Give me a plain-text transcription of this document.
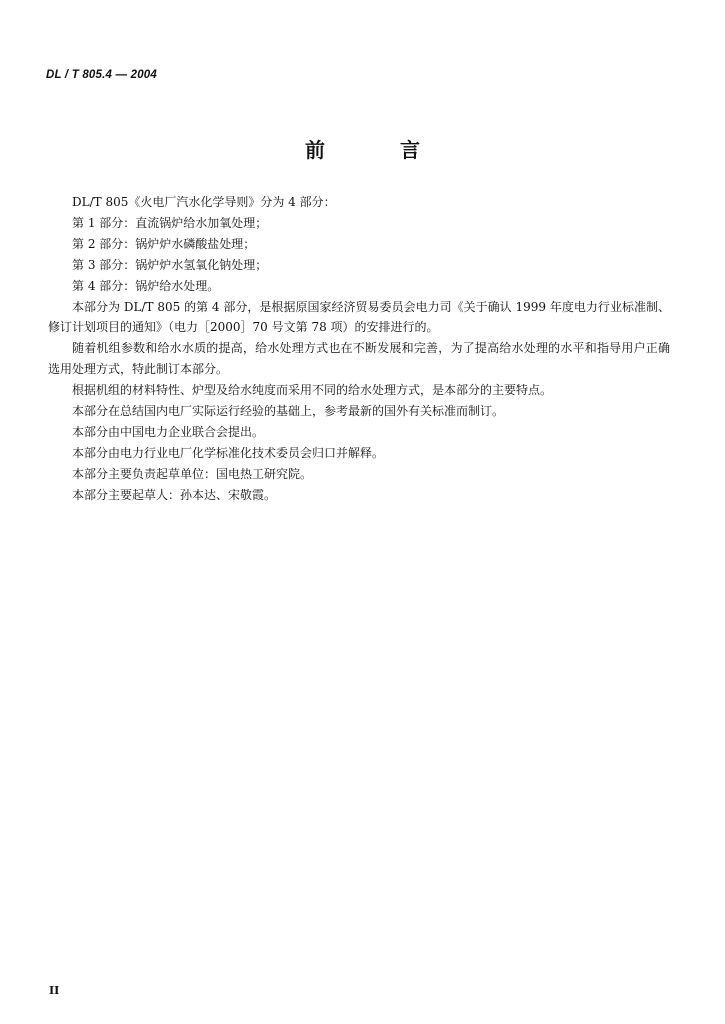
DL / T 805.4 — 2004
前 言

DL/T 805《火电厂汽水化学导则》分为 4 部分：

第 1 部分：直流锅炉给水加氧处理；

第 2 部分：锅炉炉水磷酸盐处理；

第 3 部分：锅炉炉水氢氧化钠处理；

第 4 部分：锅炉给水处理。

本部分为 DL/T 805 的第 4 部分，是根据原国家经济贸易委员会电力司《关于确认 1999 年度电力行业标准制、修订计划项目的通知》（电力［2000］70 号文第 78 项）的安排进行的。

随着机组参数和给水水质的提高，给水处理方式也在不断发展和完善，为了提高给水处理的水平和指导用户正确选用处理方式，特此制订本部分。

根据机组的材料特性、炉型及给水纯度而采用不同的给水处理方式，是本部分的主要特点。

本部分在总结国内电厂实际运行经验的基础上，参考最新的国外有关标准而制订。

本部分由中国电力企业联合会提出。

本部分由电力行业电厂化学标准化技术委员会归口并解释。

本部分主要负责起草单位：国电热工研究院。

本部分主要起草人：孙本达、宋敬霞。

II
